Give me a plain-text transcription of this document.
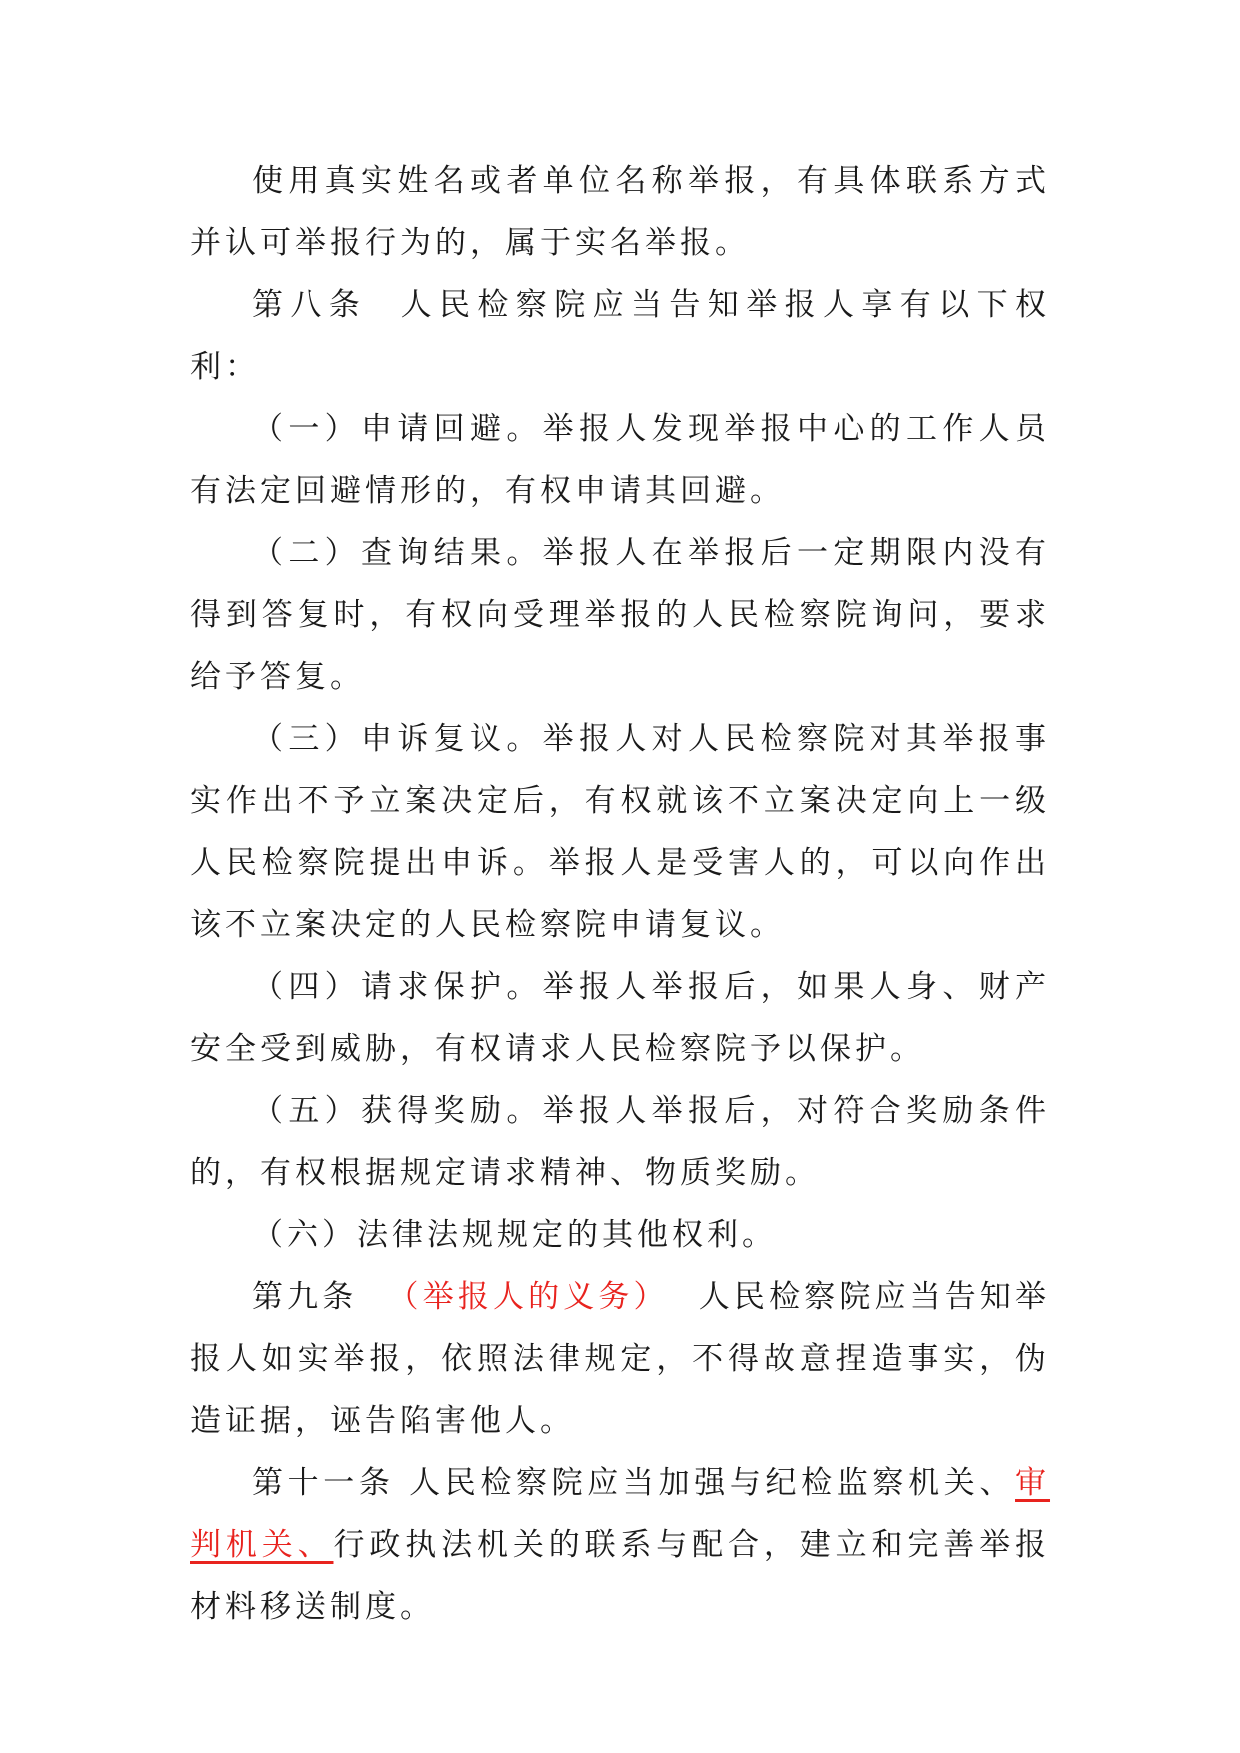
使用真实姓名或者单位名称举报，有具体联系方式并认可举报行为的，属于实名举报。

第八条 人民检察院应当告知举报人享有以下权利：

（一）申请回避。举报人发现举报中心的工作人员有法定回避情形的，有权申请其回避。

（二）查询结果。举报人在举报后一定期限内没有得到答复时，有权向受理举报的人民检察院询问，要求给予答复。

（三）申诉复议。举报人对人民检察院对其举报事实作出不予立案决定后，有权就该不立案决定向上一级人民检察院提出申诉。举报人是受害人的，可以向作出该不立案决定的人民检察院申请复议。

（四）请求保护。举报人举报后，如果人身、财产安全受到威胁，有权请求人民检察院予以保护。

（五）获得奖励。举报人举报后，对符合奖励条件的，有权根据规定请求精神、物质奖励。

（六）法律法规规定的其他权利。

第九条 （举报人的义务） 人民检察院应当告知举报人如实举报，依照法律规定，不得故意捏造事实，伪造证据，诬告陷害他人。

第十一条 人民检察院应当加强与纪检监察机关、审判机关、行政执法机关的联系与配合，建立和完善举报材料移送制度。
